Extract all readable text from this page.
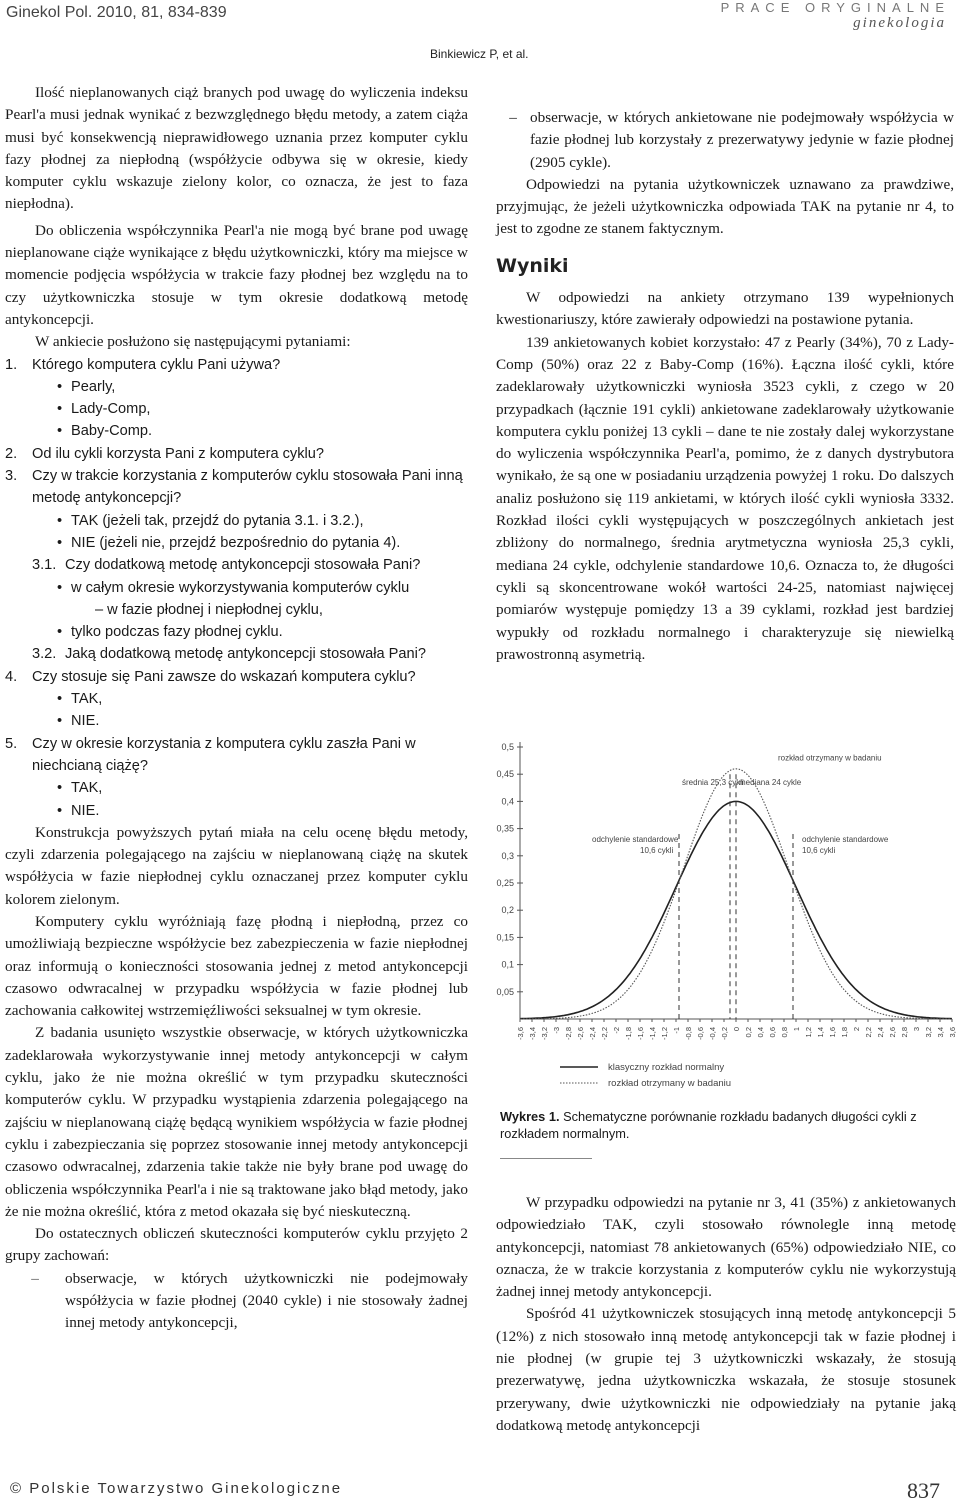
Ginekol Pol. 2010, 81, 834-839	PRACE ORYGINALNE
ginekologia
Binkiewicz P, et al.

Ilość nieplanowanych ciąż branych pod uwagę do wyliczenia indeksu Pearl'a musi jednak wynikać z bezwzględnego błędu metody, a zatem ciąża musi być konsekwencją nieprawidłowego uznania przez komputer cyklu fazy płodnej za niepłodną (współżycie odbywa się w okresie, kiedy komputer cyklu wskazuje zielony kolor, co oznacza, że jest to faza niepłodna).

Do obliczenia współczynnika Pearl'a nie mogą być brane pod uwagę nieplanowane ciąże wynikające z błędu użytkowniczki, który ma miejsce w momencie podjęcia współżycia w trakcie fazy płodnej bez względu na to czy użytkowniczka stosuje w tym okresie dodatkową metodę antykoncepcji.

W ankiecie posłużono się następującymi pytaniami:

1.	Którego komputera cyklu Pani używa?
• Pearly,
• Lady-Comp,
• Baby-Comp.
2.	Od ilu cykli korzysta Pani z komputera cyklu?
3.	Czy w trakcie korzystania z komputerów cyklu stosowała Pani inną metodę antykoncepcji?
• TAK (jeżeli tak, przejdź do pytania 3.1. i 3.2.),
• NIE (jeżeli nie, przejdź bezpośrednio do pytania 4).
3.1. Czy dodatkową metodę antykoncepcji stosowała Pani?
• w całym okresie wykorzystywania komputerów cyklu
– w fazie płodnej i niepłodnej cyklu,
• tylko podczas fazy płodnej cyklu.
3.2. Jaką dodatkową metodę antykoncepcji stosowała Pani?
4.	Czy stosuje się Pani zawsze do wskazań komputera cyklu?
• TAK,
• NIE.
5.	Czy w okresie korzystania z komputera cyklu zaszła Pani w niechcianą ciążę?
• TAK,
• NIE.

Konstrukcja powyższych pytań miała na celu ocenę błędu metody, czyli zdarzenia polegającego na zajściu w nieplanowaną ciążę na skutek współżycia w fazie niepłodnej cyklu oznaczanej przez komputer cyklu kolorem zielonym.

Komputery cyklu wyróżniają fazę płodną i niepłodną, przez co umożliwiają bezpieczne współżycie bez zabezpieczenia w fazie niepłodnej oraz informują o konieczności stosowania jednej z metod antykoncepcji czasowo odwracalnej w przypadku współżycia w fazie płodnej lub zachowania całkowitej wstrzemięźliwości seksualnej w tym okresie.

Z badania usunięto wszystkie obserwacje, w których użytkowniczka zadeklarowała wykorzystywanie innej metody antykoncepcji w całym cyklu, jako że nie można określić w tym przypadku skuteczności komputerów cyklu. W przypadku wystąpienia zdarzenia polegającego na zajściu w nieplanowaną ciążę będącą wynikiem współżycia w fazie płodnej cyklu i zabezpieczania się poprzez stosowanie innej metody antykoncepcji czasowo odwracalnej, zdarzenia takie także nie były brane pod uwagę do obliczenia współczynnika Pearl'a i nie są traktowane jako błąd metody, jako że nie można określić, która z metod okazała się być nieskuteczną.

Do ostatecznych obliczeń skuteczności komputerów cyklu przyjęto 2 grupy zachowań:

–	obserwacje, w których użytkowniczki nie podejmowały współżycia w fazie płodnej (2040 cykle) i nie stosowały żadnej innej metody antykoncepcji,
– obserwacje, w których ankietowane nie podejmowały współżycia w fazie płodnej lub korzystały z prezerwatywy jedynie w fazie płodnej (2905 cykle).

Odpowiedzi na pytania użytkowniczek uznawano za prawdziwe, przyjmując, że jeżeli użytkowniczka odpowiada TAK na pytanie nr 4, to jest to zgodne ze stanem faktycznym.

Wyniki

W odpowiedzi na ankiety otrzymano 139 wypełnionych kwestionariuszy, które zawierały odpowiedzi na postawione pytania.

139 ankietowanych kobiet korzystało: 47 z Pearly (34%), 70 z Lady-Comp (50%) oraz 22 z Baby-Comp (16%). Łączna ilość cykli, które zadeklarowały użytkowniczki wyniosła 3523 cykli, z czego w 20 przypadkach (łącznie 191 cykli) ankietowane zadeklarowały użytkowanie komputera cyklu poniżej 13 cykli – dane te nie zostały dalej wykorzystane do wyliczenia współczynnika Pearl'a, pomimo, że z danych dystrybutora wynikało, że są one w posiadaniu urządzenia powyżej 1 roku. Do dalszych analiz posłużono się 119 ankietami, w których ilość cykli wyniosła 3332. Rozkład ilości cykli występujących w poszczególnych ankietach jest zbliżony do normalnego, średnia arytmetyczna wyniosła 25,3 cykli, mediana 24 cykle, odchylenie standardowe 10,6. Oznacza to, że długości cykli są skoncentrowane wokół wartości 24-25, natomiast najwięcej pomiarów występuje pomiędzy 13 a 39 cyklami, rozkład jest bardziej wypukły od rozkładu normalnego i charakteryzuje się niewielką prawostronną asymetrią.

0,5
0,45
0,4
0,35
0,3
0,25
0,2
0,15
0,1
0,05
-3,6 -3,4 -3,2 -3 -2,8 -2,6 -2,4 -2,2 -2 -1,8 -1,6 -1,4 -1,2 -1 -0,8 -0,6 -0,4 -0,2 0 0,2 0,4 0,6 0,8 1 1,2 1,4 1,6 1,8 2 2,2 2,4 2,6 2,8 3 3,2 3,4 3,6
rozkład otrzymany w badaniu
średnia 25,3 cykli
mediana 24 cykle
odchylenie standardowe
10,6 cykli
odchylenie standardowe
10,6 cykli
klasyczny rozkład normalny
rozkład otrzymany w badaniu
Wykres 1. Schematyczne porównanie rozkładu badanych długości cykli z rozkładem normalnym.

W przypadku odpowiedzi na pytanie nr 3, 41 (35%) z ankietowanych odpowiedziało TAK, czyli stosowało równolegle inną metodę antykoncepcji, natomiast 78 ankietowanych (65%) odpowiedziało NIE, co oznacza, że w trakcie korzystania z komputerów cyklu nie wykorzystują żadnej innej metody antykoncepcji.

Spośród 41 użytkowniczek stosujących inną metodę antykoncepcji 5 (12%) z nich stosowało inną metodę antykoncepcji tak w fazie płodnej i nie płodnej (w grupie tej 3 użytkowniczki wskazały, że stosują prezerwatywę, jedna użytkowniczka wskazała, że stosuje stosunek przerywany, dwie użytkowniczki nie odpowiedziały na pytanie jaką dodatkową metodę antykoncepcji

© Polskie Towarzystwo Ginekologiczne	837
